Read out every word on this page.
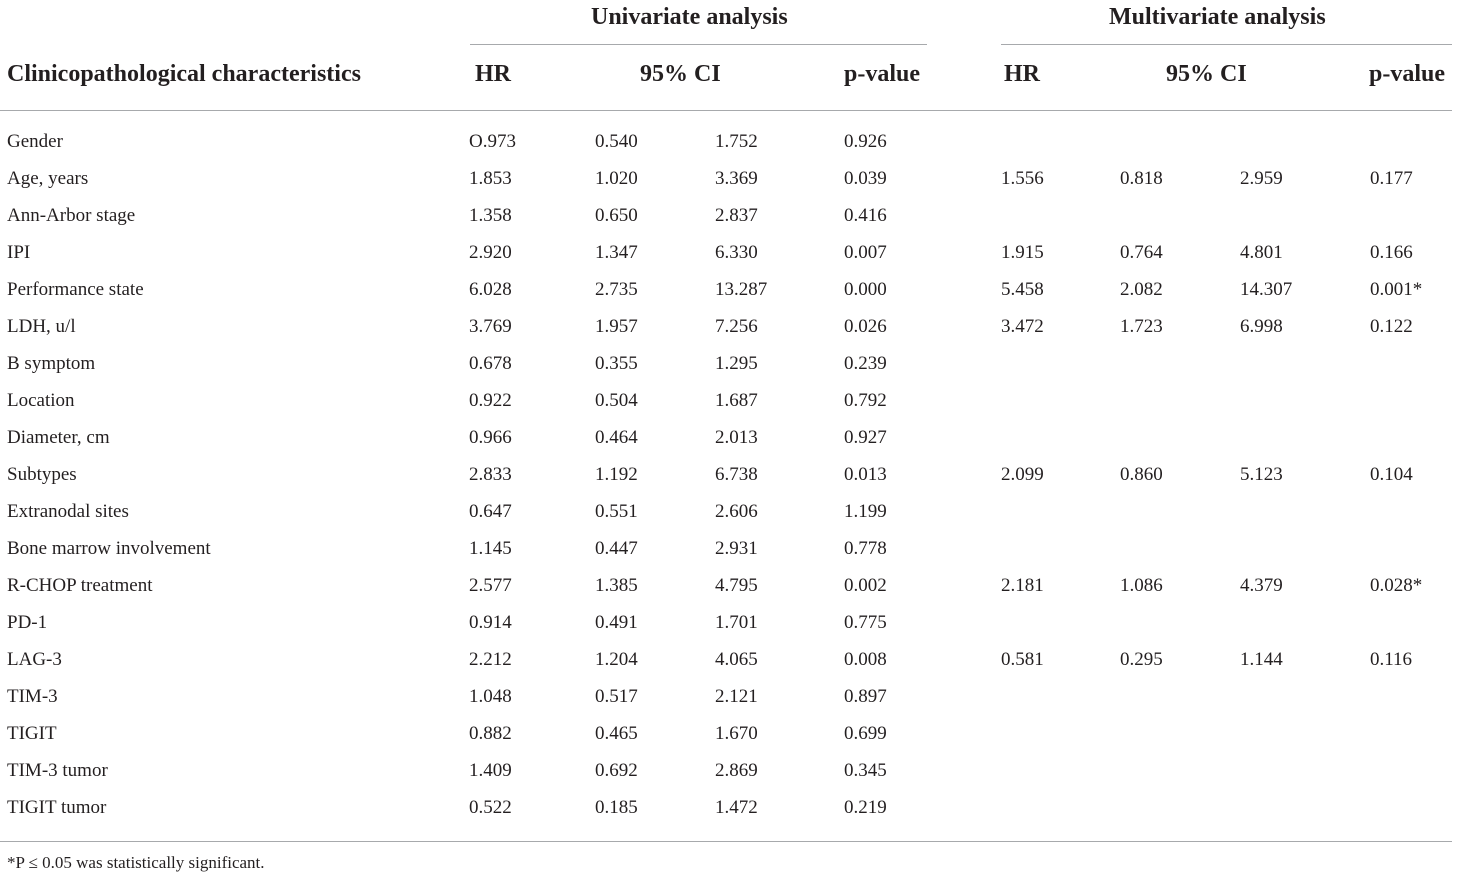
Univariate analysis	Multivariate analysis
Clinicopathological characteristics	HR	95% CI	p-value	HR	95% CI	p-value
Gender	O.973	0.540	1.752	0.926
Age, years	1.853	1.020	3.369	0.039	1.556	0.818	2.959	0.177
Ann-Arbor stage	1.358	0.650	2.837	0.416
IPI	2.920	1.347	6.330	0.007	1.915	0.764	4.801	0.166
Performance state	6.028	2.735	13.287	0.000	5.458	2.082	14.307	0.001*
LDH, u/l	3.769	1.957	7.256	0.026	3.472	1.723	6.998	0.122
B symptom	0.678	0.355	1.295	0.239
Location	0.922	0.504	1.687	0.792
Diameter, cm	0.966	0.464	2.013	0.927
Subtypes	2.833	1.192	6.738	0.013	2.099	0.860	5.123	0.104
Extranodal sites	0.647	0.551	2.606	1.199
Bone marrow involvement	1.145	0.447	2.931	0.778
R-CHOP treatment	2.577	1.385	4.795	0.002	2.181	1.086	4.379	0.028*
PD-1	0.914	0.491	1.701	0.775
LAG-3	2.212	1.204	4.065	0.008	0.581	0.295	1.144	0.116
TIM-3	1.048	0.517	2.121	0.897
TIGIT	0.882	0.465	1.670	0.699
TIM-3 tumor	1.409	0.692	2.869	0.345
TIGIT tumor	0.522	0.185	1.472	0.219
*P ≤ 0.05 was statistically significant.
